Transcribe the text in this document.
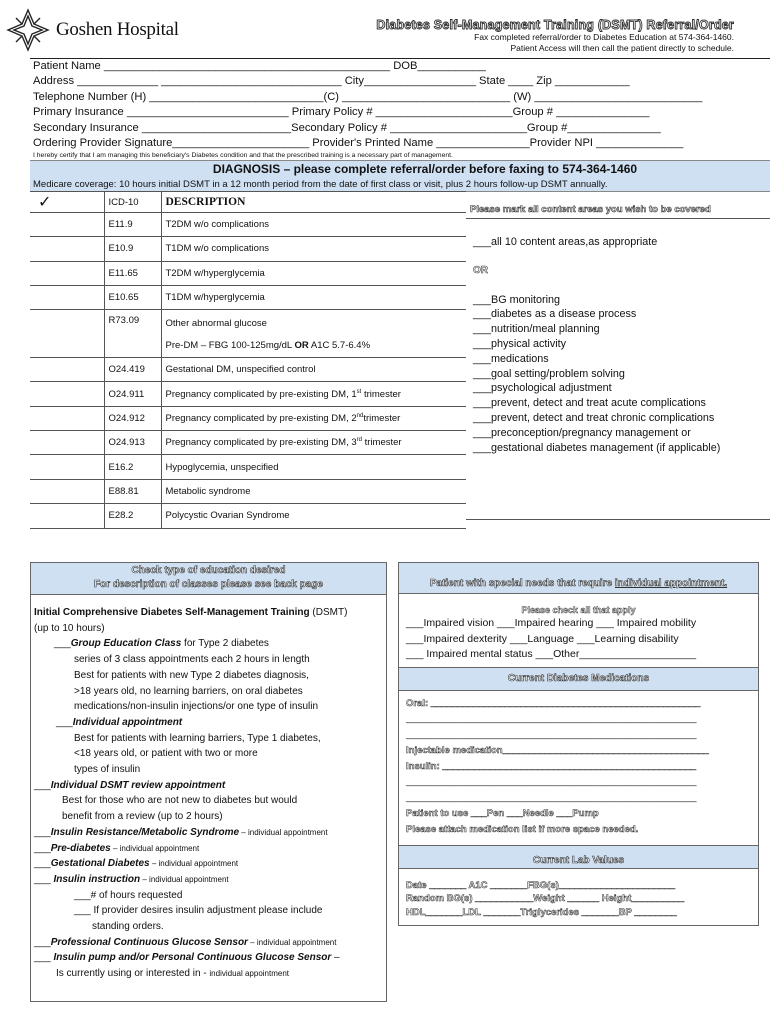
Goshen Hospital	Diabetes Self-Management Training (DSMT) Referral/Order
Fax completed referral/order to Diabetes Education at 574-364-1460.
Patient Access will then call the patient directly to schedule.
Patient Name ______________________________________________ DOB___________
Address _____________ _____________________________ City__________________ State ____ Zip ____________
Telephone Number (H) ____________________________(C) ___________________________ (W) ___________________________
Primary Insurance __________________________ Primary Policy # ______________________Group # _______________
Secondary Insurance ________________________Secondary Policy # ______________________Group #_______________
Ordering Provider Signature______________________ Provider's Printed Name _______________Provider NPI ______________
I hereby certify that I am managing this beneficiary's Diabetes condition and that the prescribed training is a necessary part of management.
DIAGNOSIS – please complete referral/order before faxing to 574-364-1460
Medicare coverage: 10 hours initial DSMT in a 12 month period from the date of first class or visit, plus 2 hours follow-up DSMT annually.
✓	ICD-10	DESCRIPTION
	E11.9	T2DM w/o complications
	E10.9	T1DM w/o complications
	E11.65	T2DM w/hyperglycemia
	E10.65	T1DM w/hyperglycemia
	R73.09	Other abnormal glucose
Pre-DM – FBG 100-125mg/dL OR A1C 5.7-6.4%

	O24.419	Gestational DM, unspecified control
	O24.911	Pregnancy complicated by pre-existing DM, 1st trimester
	O24.912	Pregnancy complicated by pre-existing DM, 2ndtrimester
	O24.913	Pregnancy complicated by pre-existing DM, 3rd trimester
	E16.2	Hypoglycemia, unspecified
	E88.81	Metabolic syndrome
	E28.2	Polycystic Ovarian Syndrome
Please mark all content areas you wish to be covered
___all 10 content areas,as appropriate
OR
___BG monitoring
___diabetes as a disease process
___nutrition/meal planning
___physical activity
___medications
___goal setting/problem solving
___psychological adjustment
___prevent, detect and treat acute complications
___prevent, detect and treat chronic complications
___preconception/pregnancy management or
___gestational diabetes management (if applicable)
Check type of education desired
For description of classes please see back page
Initial Comprehensive Diabetes Self-Management Training (DSMT)
(up to 10 hours)
___Group Education Class for Type 2 diabetes
series of 3 class appointments each 2 hours in length
Best for patients with new Type 2 diabetes diagnosis,
>18 years old, no learning barriers, on oral diabetes
medications/non-insulin injections/or one type of insulin
___Individual appointment
Best for patients with learning barriers, Type 1 diabetes,
<18 years old, or patient with two or more
types of insulin
___Individual DSMT review appointment
Best for those who are not new to diabetes but would
benefit from a review (up to 2 hours)
___Insulin Resistance/Metabolic Syndrome – individual appointment
___Pre-diabetes – individual appointment
___Gestational Diabetes – individual appointment
___ Insulin instruction – individual appointment
___# of hours requested
___ If provider desires insulin adjustment please include
standing orders.
___Professional Continuous Glucose Sensor – individual appointment
___ Insulin pump and/or Personal Continuous Glucose Sensor –
Is currently using or interested in - individual appointment
Patient with special needs that require individual appointment.
Please check all that apply
___Impaired vision ___Impaired hearing ___ Impaired mobility
___Impaired dexterity ___Language ___Learning disability
___ Impaired mental status ___Other____________________
Current Diabetes Medications
Oral: ___________________________________________________
_______________________________________________________
_______________________________________________________
Injectable medication_______________________________________
Insulin: ________________________________________________
_______________________________________________________
_______________________________________________________
Patient to use ___Pen ___Needle ___Pump
Please attach medication list if more space needed.
Current Lab Values
Date _______ A1C _______FBG(s)______________________
Random BG(s) ___________Weight ______ Height__________
HDL_______LDL _______Triglycerides _______BP ________
